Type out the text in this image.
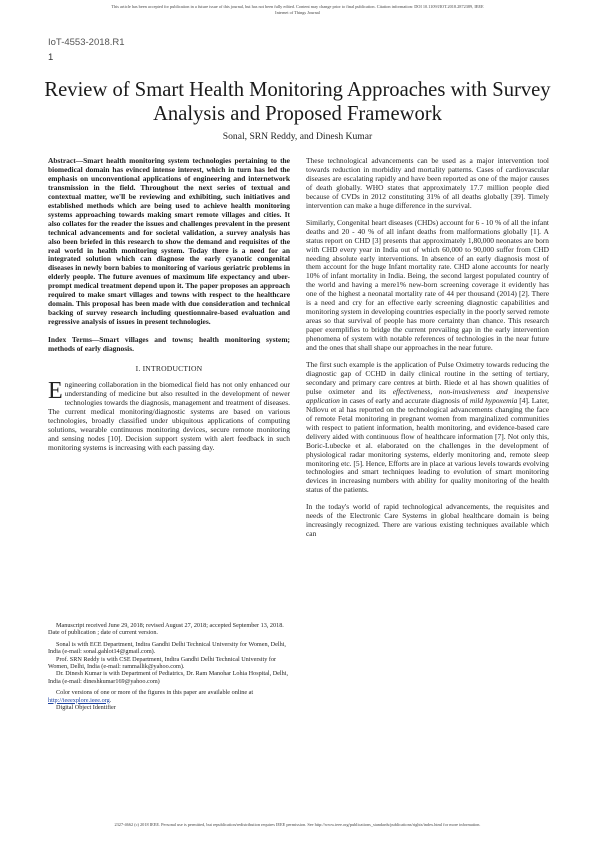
This article has been accepted for publication in a future issue of this journal, but has not been fully edited. Content may change prior to final publication. Citation information: DOI 10.1109/JIOT.2018.2872389, IEEE
Internet of Things Journal
IoT-4553-2018.R1
1
Review of Smart Health Monitoring Approaches with Survey Analysis and Proposed Framework
Sonal, SRN Reddy, and Dinesh Kumar

Abstract—Smart health monitoring system technologies pertaining to the biomedical domain has evinced intense interest, which in turn has led the emphasis on unconventional applications of engineering and internetwork transmission in the field. Throughout the next series of textual and contextual matter, we'll be reviewing and exhibiting, such initiatives and established methods which are being used to achieve health monitoring systems approaching towards making smart remote villages and cities. It also collates for the reader the issues and challenges prevalent in the present technical advancements and for societal validation, a survey analysis has also been briefed in this research to show the demand and requisites of the real world in health monitoring system. Today there is a need for an integrated solution which can diagnose the early cyanotic congenital diseases in newly born babies to monitoring of various geriatric problems in elderly people. The future avenues of maximum life expectancy and uber-prompt medical treatment depend upon it. The paper proposes an approach required to make smart villages and towns with respect to the healthcare domain. This proposal has been made with due consideration and technical backing of survey research including questionnaire-based evaluation and regressive analysis of issues in present technologies.

Index Terms—Smart villages and towns; health monitoring system; methods of early diagnosis.

I. INTRODUCTION

Engineering collaboration in the biomedical field has not only enhanced our understanding of medicine but also resulted in the development of newer technologies towards the diagnosis, management and treatment of diseases. The current medical monitoring/diagnostic systems are based on various technologies, broadly classified under ubiquitous applications of computing solutions, wearable continuous monitoring devices, secure remote monitoring and sensing nodes [10]. Decision support system with alert feedback in such monitoring systems is increasing with each passing day.

Manuscript received June 29, 2018; revised August 27, 2018; accepted September 13, 2018. Date of publication ; date of current version.

Sonal is with ECE Department, Indira Gandhi Delhi Technical University for Women, Delhi, India (e-mail: sonal.gahlot14@gmail.com).

Prof. SRN Reddy is with CSE Department, Indira Gandhi Delhi Technical University for Women, Delhi, India (e-mail: rammallik@yahoo.com).

Dr. Dinesh Kumar is with Department of Pediatrics, Dr. Ram Manohar Lohia Hospital, Delhi, India (e-mail: dineshkumar169@yahoo.com)

Color versions of one or more of the figures in this paper are available online at http://ieeexplore.ieee.org.

Digital Object Identifier

These technological advancements can be used as a major intervention tool towards reduction in morbidity and mortality patterns. Cases of cardiovascular diseases are escalating rapidly and have been reported as one of the major causes of death globally. WHO states that approximately 17.7 million people died because of CVDs in 2012 constituting 31% of all deaths globally [39]. Timely intervention can make a huge difference in the survival.

Similarly, Congenital heart diseases (CHDs) account for 6 - 10 % of all the infant deaths and 20 - 40 % of all infant deaths from malformations globally [1]. A status report on CHD [3] presents that approximately 1,80,000 neonates are born with CHD every year in India out of which 60,000 to 90,000 suffer from CHD needing absolute early interventions. In absence of an early diagnosis most of them account for the huge Infant mortality rate. CHD alone accounts for nearly 10% of infant mortality in India. Being, the second largest populated country of the world and having a mere1% new-born screening coverage it evidently has one of the highest a neonatal mortality rate of 44 per thousand (2014) [2]. There is a need and cry for an effective early screening diagnostic capabilities and monitoring system in developing countries especially in the poorly served remote areas so that survival of people has more certainty than chance. This research paper exemplifies to bridge the current prevailing gap in the early intervention phenomena of system with notable references of technologies in the near future and the ones that shall shape our approaches in the near future.

The first such example is the application of Pulse Oximetry towards reducing the diagnostic gap of CCHD in daily clinical routine in the setting of tertiary, secondary and primary care centres at birth. Riede et al has shown qualities of pulse oximeter and its effectiveness, non-invasiveness and inexpensive application in cases of early and accurate diagnosis of mild hypoxemia [4]. Later, Ndlovu et al has reported on the technological advancements changing the face of remote Fetal monitoring in pregnant women from marginalized communities with respect to patient information, health monitoring, and evidence-based care delivery aided with continuous flow of healthcare information [7]. Not only this, Boric-Lubecke et al. elaborated on the challenges in the development of physiological radar monitoring systems, elderly monitoring and, remote sleep monitoring etc. [5]. Hence, Efforts are in place at various levels towards evolving technologies and smart techniques leading to evolution of smart monitoring devices in increasing numbers with ability for quality monitoring of the health status of the patients.

In the today's world of rapid technological advancements, the requisites and needs of the Electronic Care Systems in global healthcare domain is being increasingly recognized. There are various existing techniques available which can

2327-4662 (c) 2018 IEEE. Personal use is permitted, but republication/redistribution requires IEEE permission. See http://www.ieee.org/publications_standards/publications/rights/index.html for more information.
